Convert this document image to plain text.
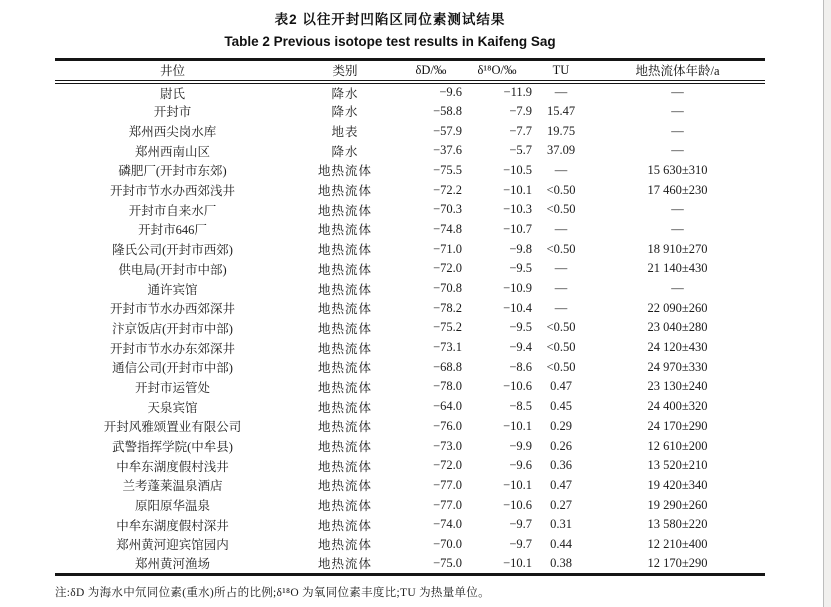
表2 以往开封凹陷区同位素测试结果
Table 2 Previous isotope test results in Kaifeng Sag
井位	类别	δD/‰	δ¹⁸O/‰	TU	地热流体年龄/a
尉氏	降水	−9.6	−11.9	—	—
开封市	降水	−58.8	−7.9	15.47	—
郑州西尖岗水库	地表	−57.9	−7.7	19.75	—
郑州西南山区	降水	−37.6	−5.7	37.09	—
磷肥厂(开封市东郊)	地热流体	−75.5	−10.5	—	15 630±310
开封市节水办西郊浅井	地热流体	−72.2	−10.1	<0.50	17 460±230
开封市自来水厂	地热流体	−70.3	−10.3	<0.50	—
开封市646厂	地热流体	−74.8	−10.7	—	—
隆氏公司(开封市西郊)	地热流体	−71.0	−9.8	<0.50	18 910±270
供电局(开封市中部)	地热流体	−72.0	−9.5	—	21 140±430
通许宾馆	地热流体	−70.8	−10.9	—	—
开封市节水办西郊深井	地热流体	−78.2	−10.4	—	22 090±260
汴京饭店(开封市中部)	地热流体	−75.2	−9.5	<0.50	23 040±280
开封市节水办东郊深井	地热流体	−73.1	−9.4	<0.50	24 120±430
通信公司(开封市中部)	地热流体	−68.8	−8.6	<0.50	24 970±330
开封市运管处	地热流体	−78.0	−10.6	0.47	23 130±240
天泉宾馆	地热流体	−64.0	−8.5	0.45	24 400±320
开封风雅颂置业有限公司	地热流体	−76.0	−10.1	0.29	24 170±290
武警指挥学院(中牟县)	地热流体	−73.0	−9.9	0.26	12 610±200
中牟东湖度假村浅井	地热流体	−72.0	−9.6	0.36	13 520±210
兰考蓬莱温泉酒店	地热流体	−77.0	−10.1	0.47	19 420±340
原阳原华温泉	地热流体	−77.0	−10.6	0.27	19 290±260
中牟东湖度假村深井	地热流体	−74.0	−9.7	0.31	13 580±220
郑州黄河迎宾馆园内	地热流体	−70.0	−9.7	0.44	12 210±400
郑州黄河渔场	地热流体	−75.0	−10.1	0.38	12 170±290
注:δD 为海水中氘同位素(重水)所占的比例;δ¹⁸O 为氧同位素丰度比;TU 为热量单位。
